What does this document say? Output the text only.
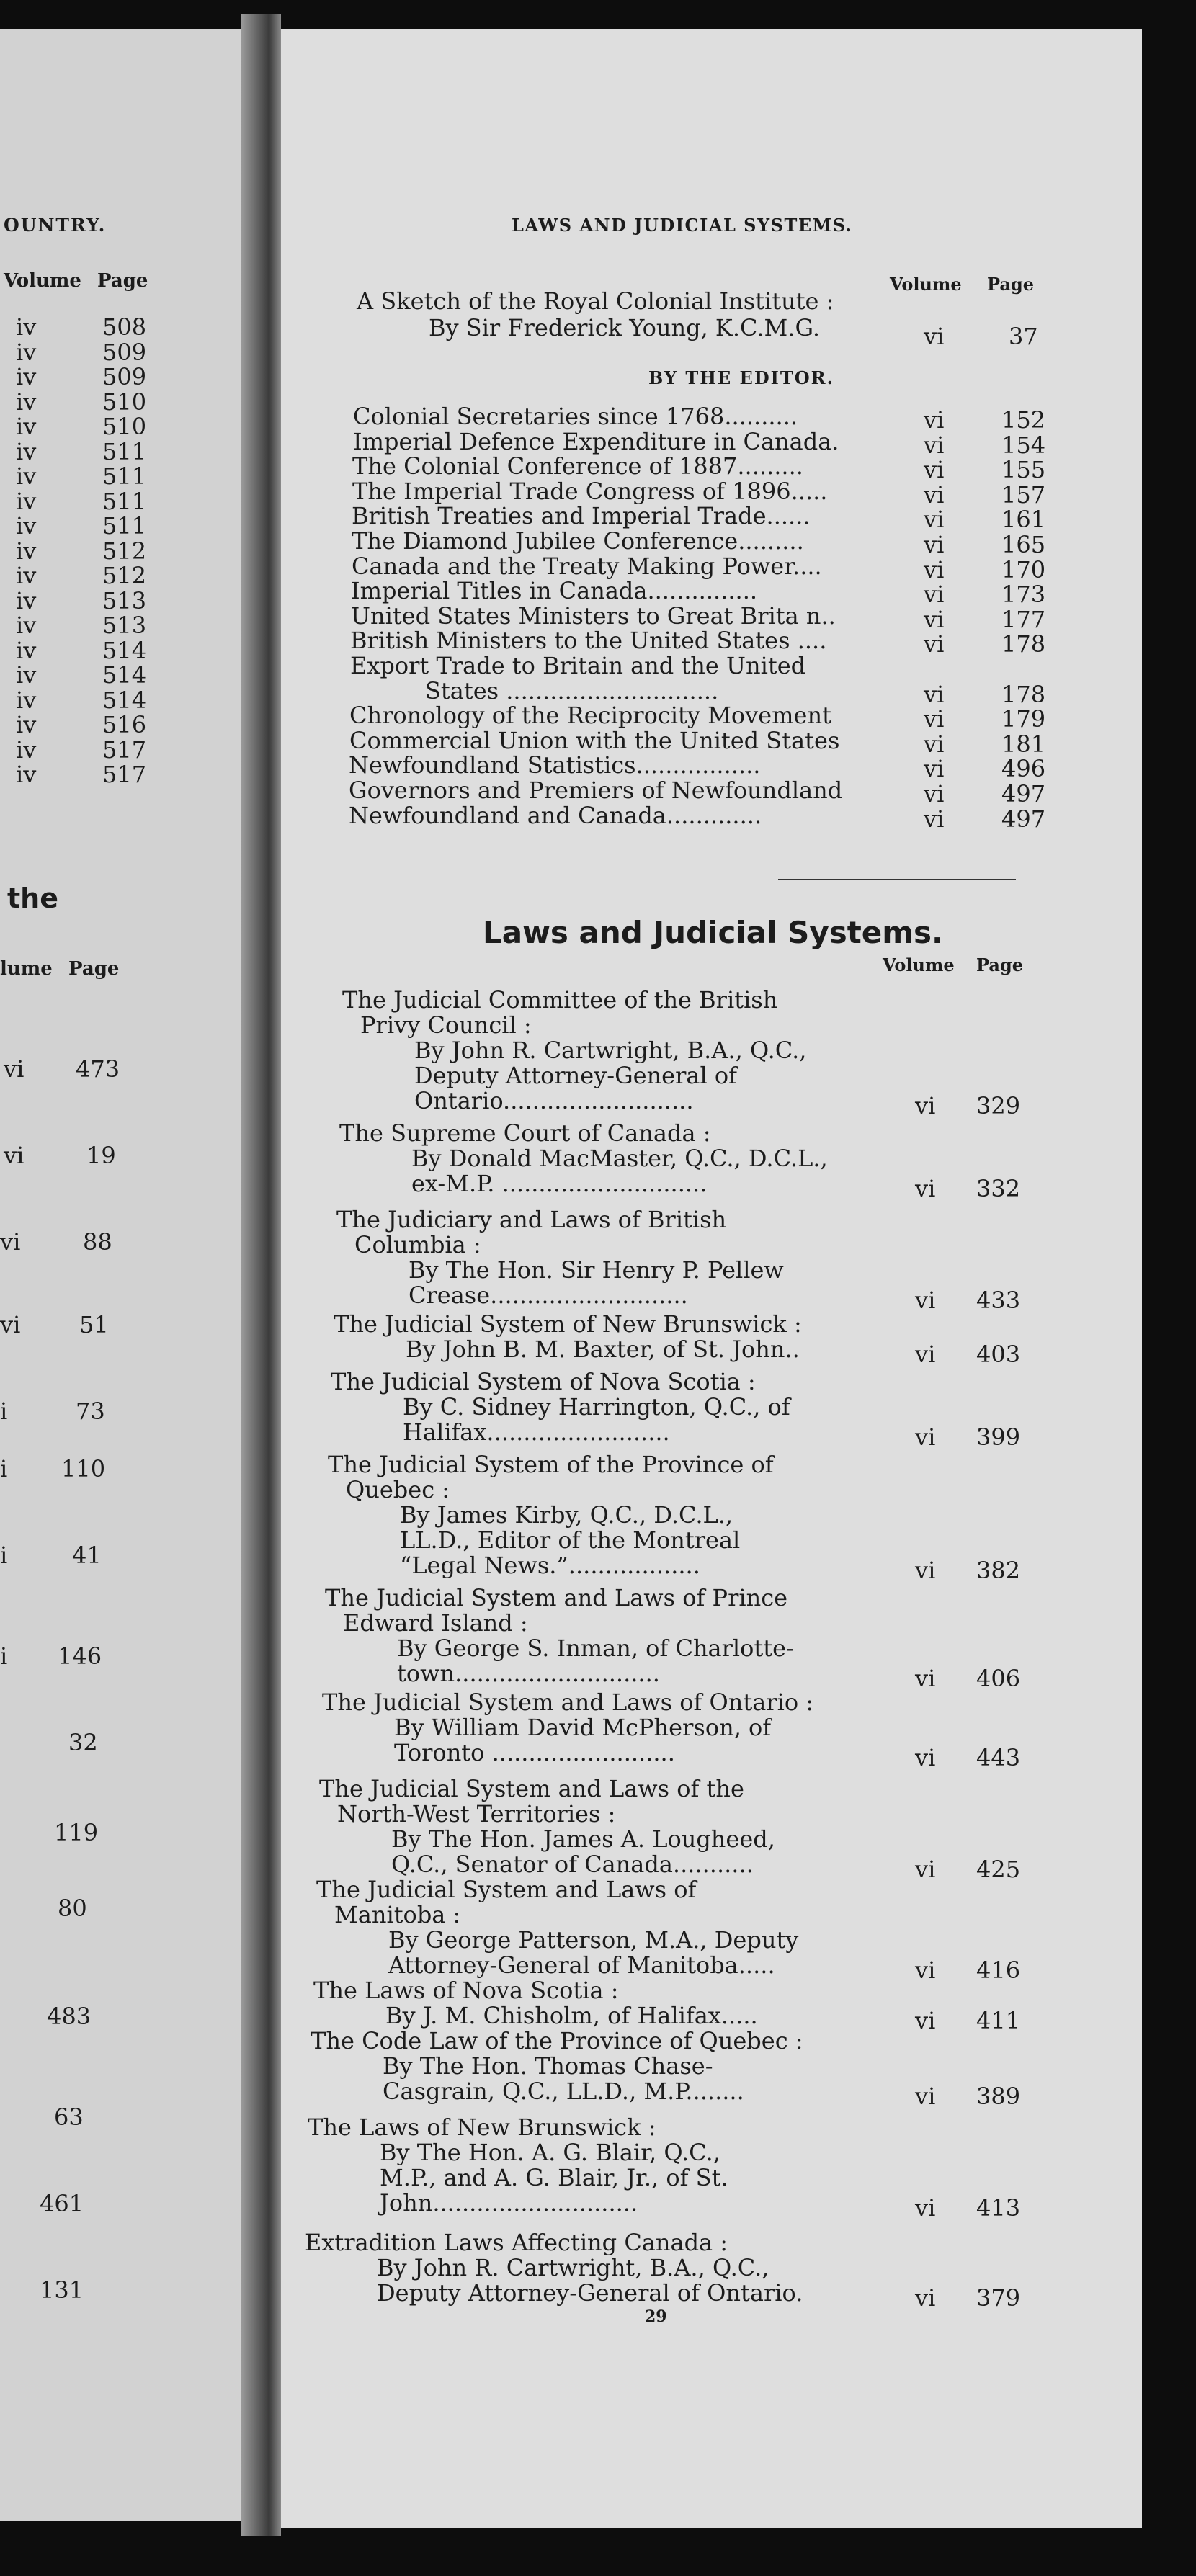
OUNTRY.
Volume Page
iv	508
iv	509
iv	509
iv	510
iv	510
iv	511
iv	511
iv	511
iv	511
iv	512
iv	512
iv	513
iv	513
iv	514
iv	514
iv	514
iv	516
iv	517
iv	517
the
lume Page
vi 473
vi	19
vi	88
vi	51
i	73
i 110
i	41
i 146
32
119
80
483
63
461
131
LAWS AND JUDICIAL SYSTEMS.
Volume Page
A Sketch of the Royal Colonial Institute :
By Sir Frederick Young, K.C.M.G.	vi	37
BY THE EDITOR.
Colonial Secretaries since 1768..........	vi 152
Imperial Defence Expenditure in Canada.	vi 154
The Colonial Conference of 1887.........	vi 155
The Imperial Trade Congress of 1896.....	vi 157
British Treaties and Imperial Trade......	vi 161
The Diamond Jubilee Conference.........	vi 165
Canada and the Treaty Making Power....	vi 170
Imperial Titles in Canada...............	vi 173
United States Ministers to Great Brita n..	vi 177
British Ministers to the United States ....	vi 178
Export Trade to Britain and the United
States .............................	vi 178
Chronology of the Reciprocity Movement	vi 179
Commercial Union with the United States	vi 181
Newfoundland Statistics.................	vi 496
Governors and Premiers of Newfoundland	vi 497
Newfoundland and Canada.............	vi 497
Laws and Judicial Systems.
Volume Page
The Judicial Committee of the British
Privy Council :
By John R. Cartwright, B.A., Q.C.,
Deputy Attorney-General of
Ontario..........................	vi 329
The Supreme Court of Canada :
By Donald MacMaster, Q.C., D.C.L.,
ex-M.P. ............................	vi 332
The Judiciary and Laws of British
Columbia :
By The Hon. Sir Henry P. Pellew
Crease...........................	vi 433
The Judicial System of New Brunswick :
By John B. M. Baxter, of St. John..	vi 403
The Judicial System of Nova Scotia :
By C. Sidney Harrington, Q.C., of
Halifax.........................	vi 399
The Judicial System of the Province of
Quebec :
By James Kirby, Q.C., D.C.L.,
LL.D., Editor of the Montreal
“Legal News.”..................	vi 382
The Judicial System and Laws of Prince
Edward Island :
By George S. Inman, of Charlotte-
town............................	vi 406
The Judicial System and Laws of Ontario :
By William David McPherson, of
Toronto .........................	vi 443
The Judicial System and Laws of the
North-West Territories :
By The Hon. James A. Lougheed,
Q.C., Senator of Canada...........	vi 425
The Judicial System and Laws of
Manitoba :
By George Patterson, M.A., Deputy
Attorney-General of Manitoba.....	vi 416
The Laws of Nova Scotia :
By J. M. Chisholm, of Halifax.....	vi 411
The Code Law of the Province of Quebec :
By The Hon. Thomas Chase-
Casgrain, Q.C., LL.D., M.P........	vi 389
The Laws of New Brunswick :
By The Hon. A. G. Blair, Q.C.,
M.P., and A. G. Blair, Jr., of St.
John............................	vi 413
Extradition Laws Affecting Canada :
By John R. Cartwright, B.A., Q.C.,
Deputy Attorney-General of Ontario.	vi 379
29
